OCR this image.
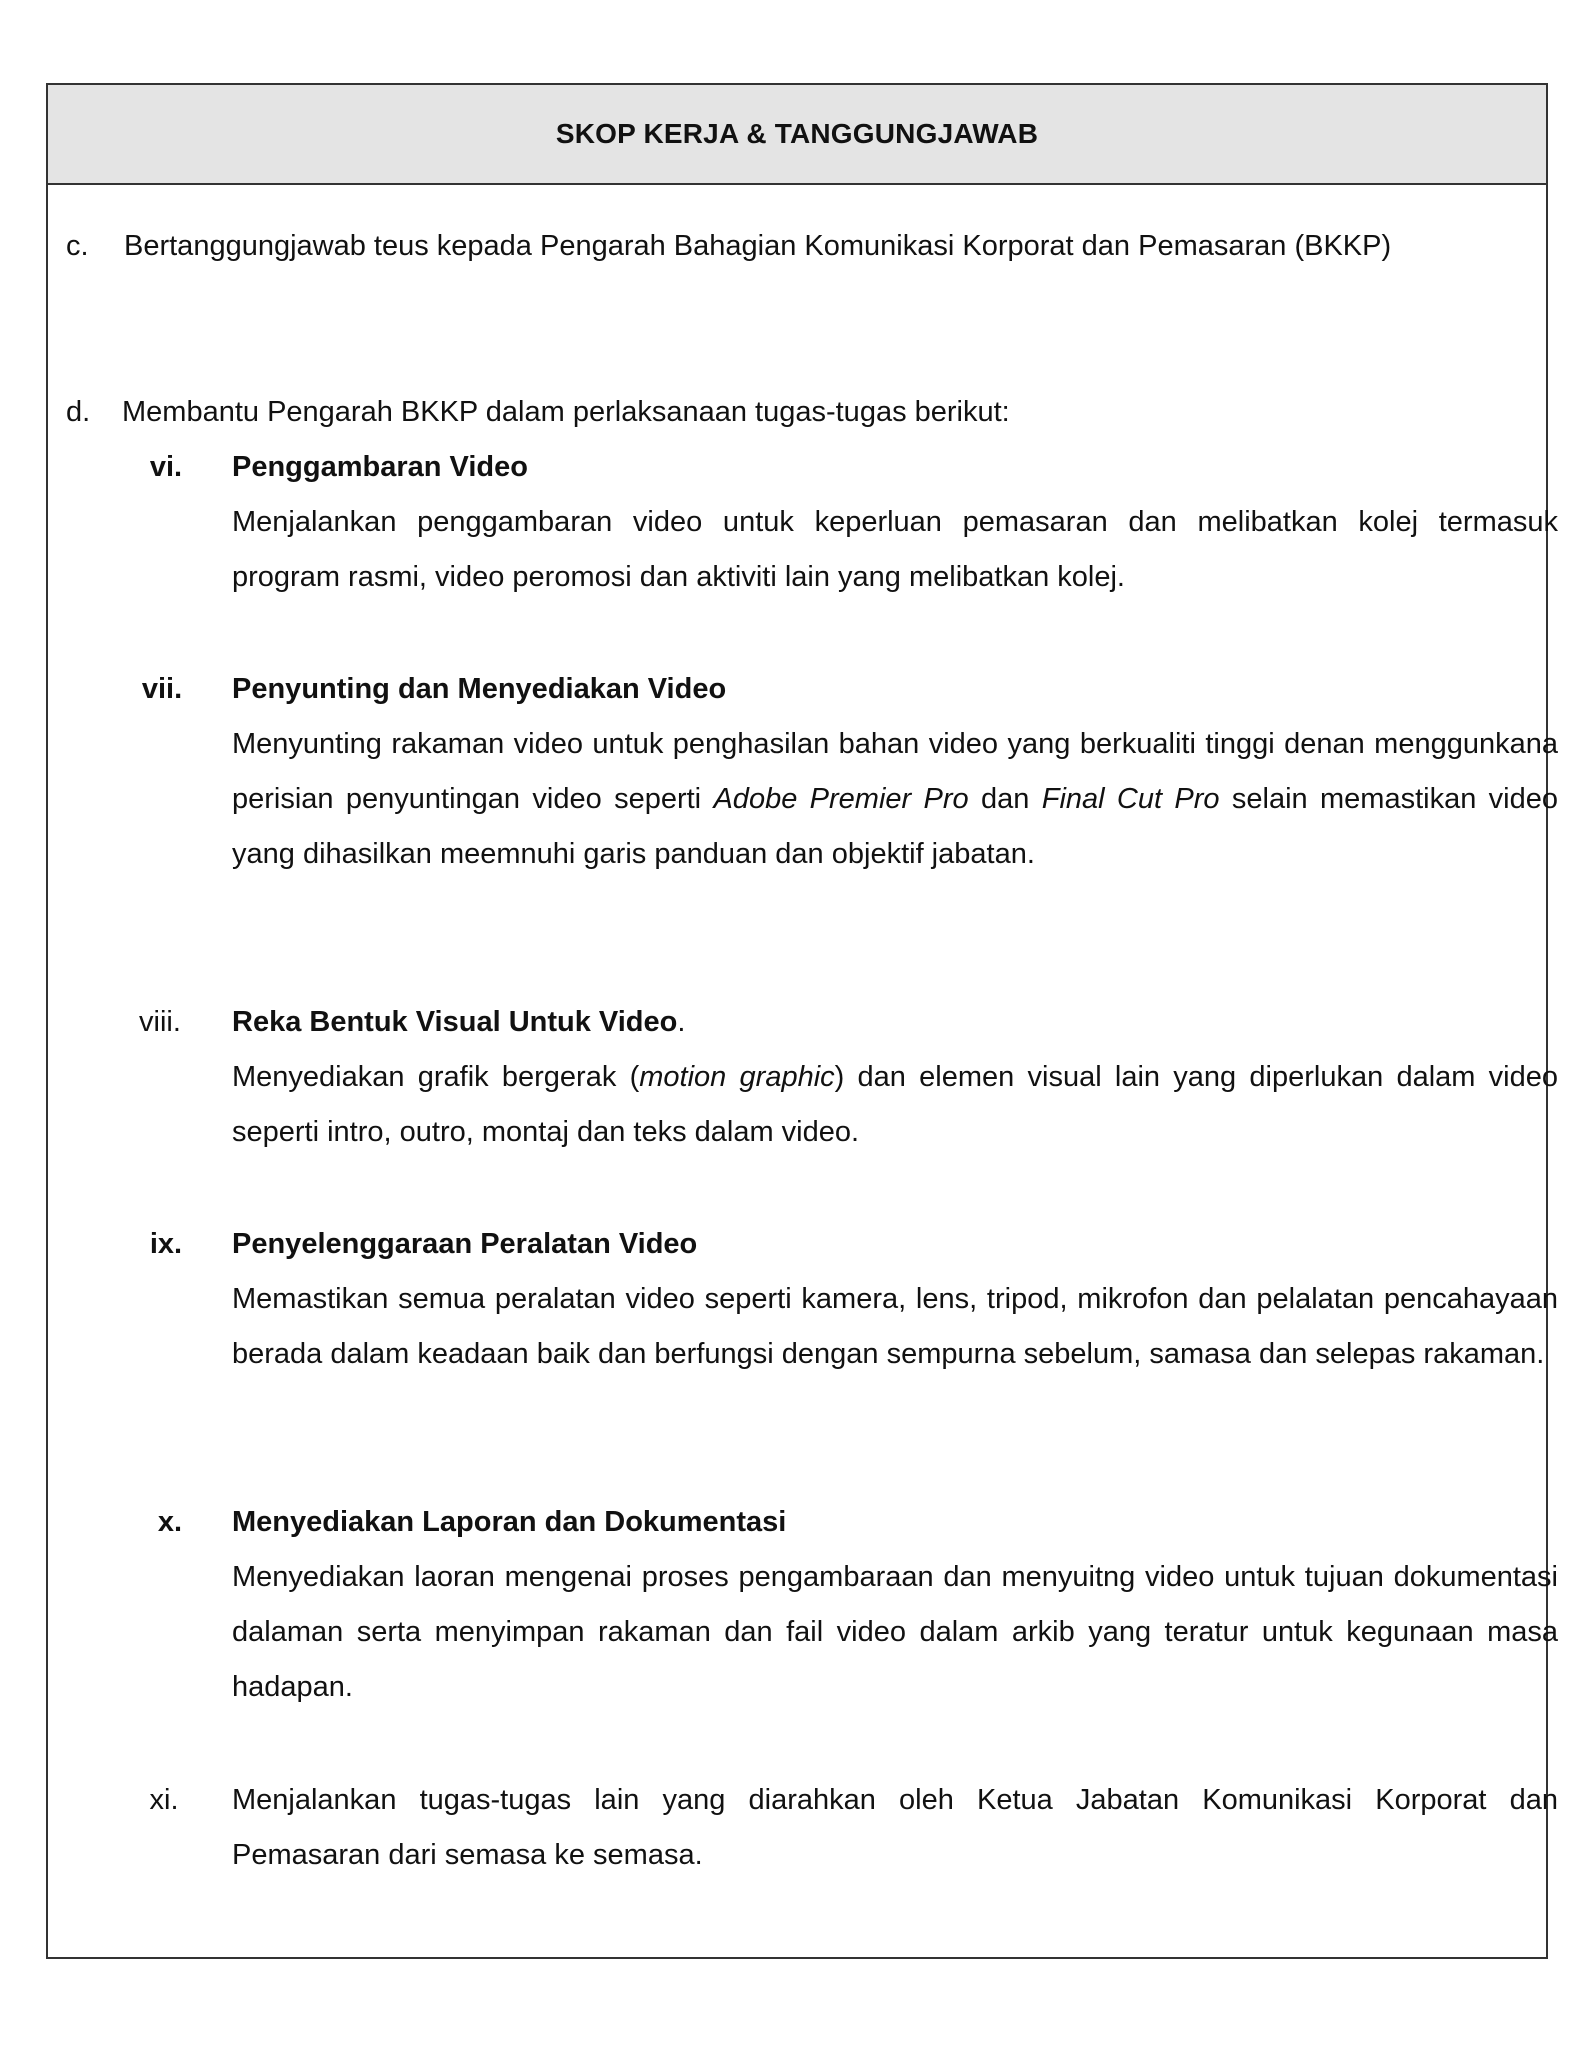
SKOP KERJA & TANGGUNGJAWAB
c. Bertanggungjawab teus kepada Pengarah Bahagian Komunikasi Korporat dan Pemasaran (BKKP)
d. Membantu Pengarah BKKP dalam perlaksanaan tugas-tugas berikut:
vi.	Penggambaran Video
Menjalankan penggambaran video untuk keperluan pemasaran dan melibatkan kolej termasuk program rasmi, video peromosi dan aktiviti lain yang melibatkan kolej.
vii.	Penyunting dan Menyediakan Video
Menyunting rakaman video untuk penghasilan bahan video yang berkualiti tinggi denan menggunkana perisian penyuntingan video seperti Adobe Premier Pro dan Final Cut Pro selain memastikan video yang dihasilkan meemnuhi garis panduan dan objektif jabatan.
viii.	Reka Bentuk Visual Untuk Video.
Menyediakan grafik bergerak (motion graphic) dan elemen visual lain yang diperlukan dalam video seperti intro, outro, montaj dan teks dalam video.
ix.	Penyelenggaraan Peralatan Video
Memastikan semua peralatan video seperti kamera, lens, tripod, mikrofon dan pelalatan pencahayaan berada dalam keadaan baik dan berfungsi dengan sempurna sebelum, samasa dan selepas rakaman.
x.	Menyediakan Laporan dan Dokumentasi
Menyediakan laoran mengenai proses pengambaraan dan menyuitng video untuk tujuan dokumentasi dalaman serta menyimpan rakaman dan fail video dalam arkib yang teratur untuk kegunaan masa hadapan.
xi.	Menjalankan tugas-tugas lain yang diarahkan oleh Ketua Jabatan Komunikasi Korporat dan Pemasaran dari semasa ke semasa.
